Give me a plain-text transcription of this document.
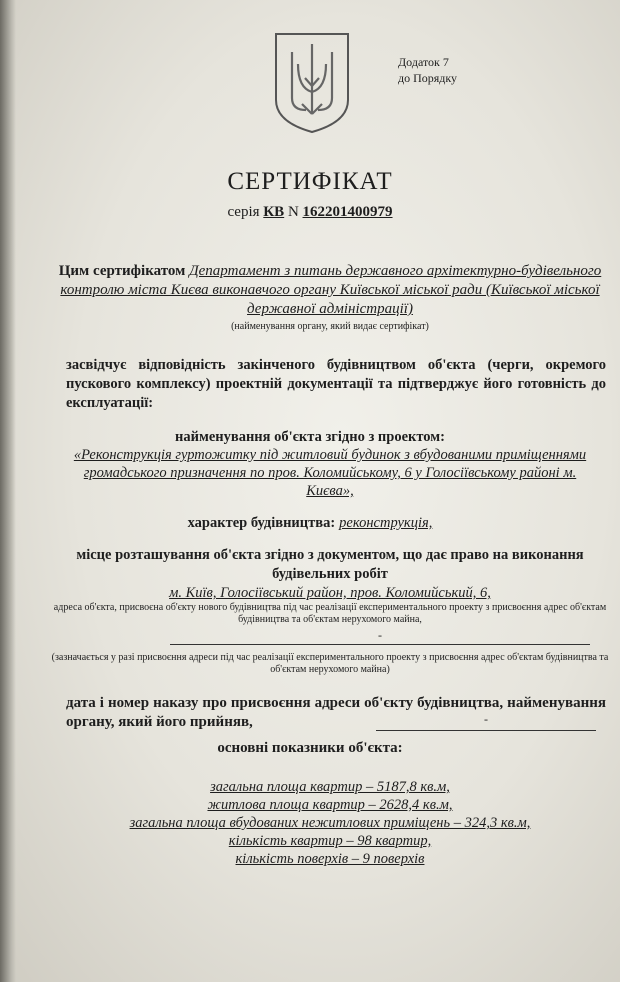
Додаток 7
до Порядку
СЕРТИФІКАТ
серія КВ N 162201400979
Цим сертифікатом Департамент з питань державного архітектурно-будівельного контролю міста Києва виконавчого органу Київської міської ради (Київської міської державної адміністрації)
(найменування органу, який видає сертифікат)
засвідчує відповідність закінченого будівництвом об'єкта (черги, окремого пускового комплексу) проектній документації та підтверджує його готовність до експлуатації:
найменування об'єкта згідно з проектом:
«Реконструкція гуртожитку під житловий будинок з вбудованими приміщеннями громадського призначення по пров. Коломийському, 6 у Голосіївському районі м. Києва»,
характер будівництва: реконструкція,
місце розташування об'єкта згідно з документом, що дає право на виконання будівельних робіт
м. Київ, Голосіївський район, пров. Коломийський, 6,
адреса об'єкта, присвоєна об'єкту нового будівництва під час реалізації експериментального проекту з присвоєння адрес об'єктам будівництва та об'єктам нерухомого майна,
-
(зазначається у разі присвоєння адреси під час реалізації експериментального проекту з присвоєння адрес об'єктам будівництва та об'єктам нерухомого майна)
дата і номер наказу про присвоєння адреси об'єкту будівництва, найменування органу, який його прийняв,	-
основні показники об'єкта:
загальна площа квартир – 5187,8 кв.м,
житлова площа квартир – 2628,4 кв.м,
загальна площа вбудованих нежитлових приміщень – 324,3 кв.м,
кількість квартир – 98 квартир,
кількість поверхів – 9 поверхів
